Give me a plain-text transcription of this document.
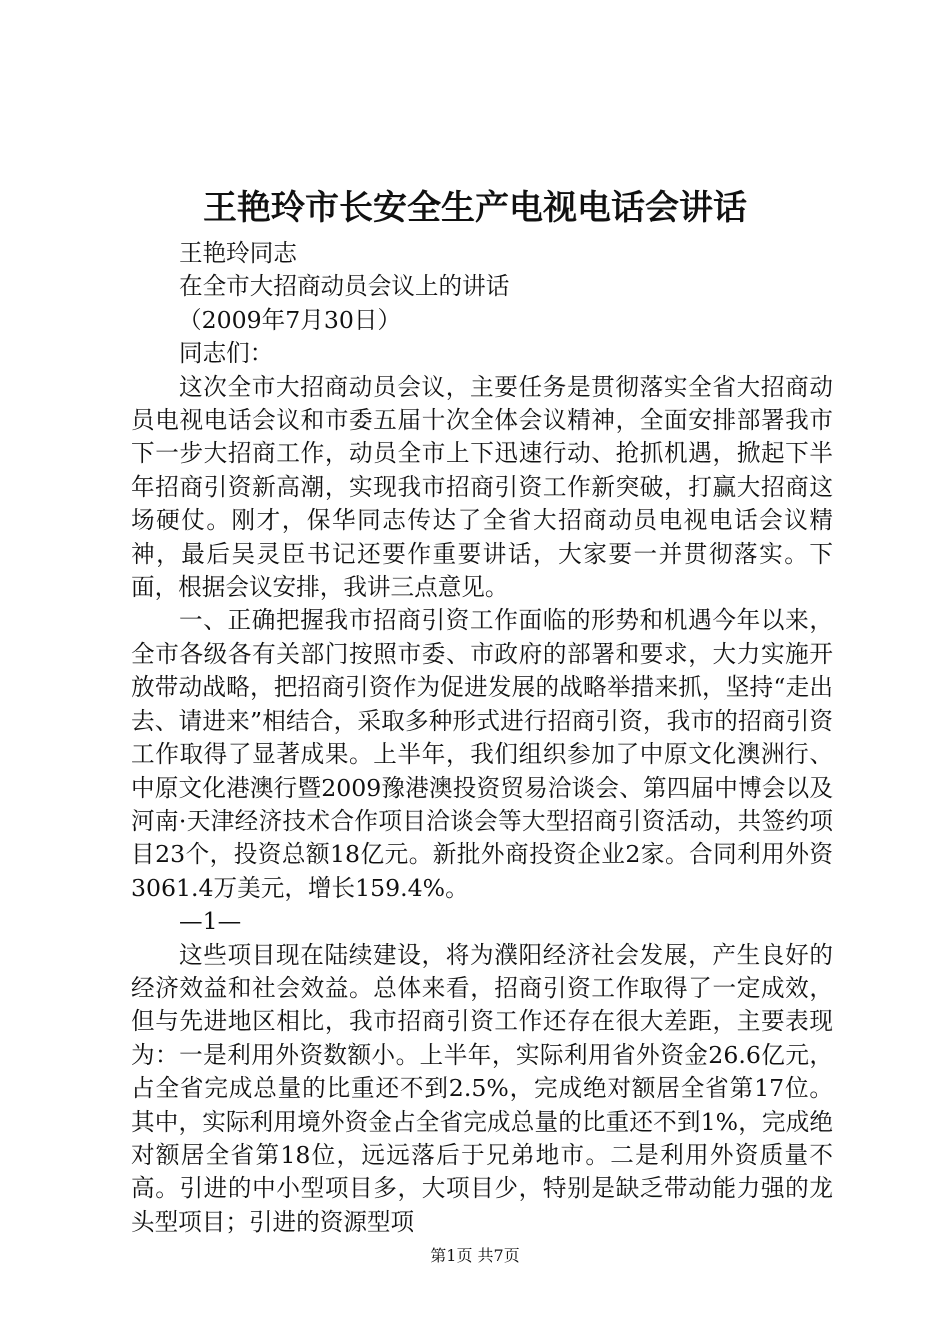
王艳玲市长安全生产电视电话会讲话

王艳玲同志

在全市大招商动员会议上的讲话

（2009年7月30日）

同志们：

这次全市大招商动员会议，主要任务是贯彻落实全省大招商动员电视电话会议和市委五届十次全体会议精神，全面安排部署我市下一步大招商工作，动员全市上下迅速行动、抢抓机遇，掀起下半年招商引资新高潮，实现我市招商引资工作新突破，打赢大招商这场硬仗。刚才，保华同志传达了全省大招商动员电视电话会议精神，最后吴灵臣书记还要作重要讲话，大家要一并贯彻落实。下面，根据会议安排，我讲三点意见。

一、正确把握我市招商引资工作面临的形势和机遇今年以来，全市各级各有关部门按照市委、市政府的部署和要求，大力实施开放带动战略，把招商引资作为促进发展的战略举措来抓，坚持“走出去、请进来”相结合，采取多种形式进行招商引资，我市的招商引资工作取得了显著成果。上半年，我们组织参加了中原文化澳洲行、中原文化港澳行暨2009豫港澳投资贸易洽谈会、第四届中博会以及河南·天津经济技术合作项目洽谈会等大型招商引资活动，共签约项目23个，投资总额18亿元。新批外商投资企业2家。合同利用外资3061.4万美元，增长159.4%。

—1—

这些项目现在陆续建设，将为濮阳经济社会发展，产生良好的经济效益和社会效益。总体来看，招商引资工作取得了一定成效，但与先进地区相比，我市招商引资工作还存在很大差距，主要表现为：一是利用外资数额小。上半年，实际利用省外资金26.6亿元，占全省完成总量的比重还不到2.5%，完成绝对额居全省第17位。其中，实际利用境外资金占全省完成总量的比重还不到1%，完成绝对额居全省第18位，远远落后于兄弟地市。二是利用外资质量不高。引进的中小型项目多，大项目少，特别是缺乏带动能力强的龙头型项目；引进的资源型项

第1页 共7页
